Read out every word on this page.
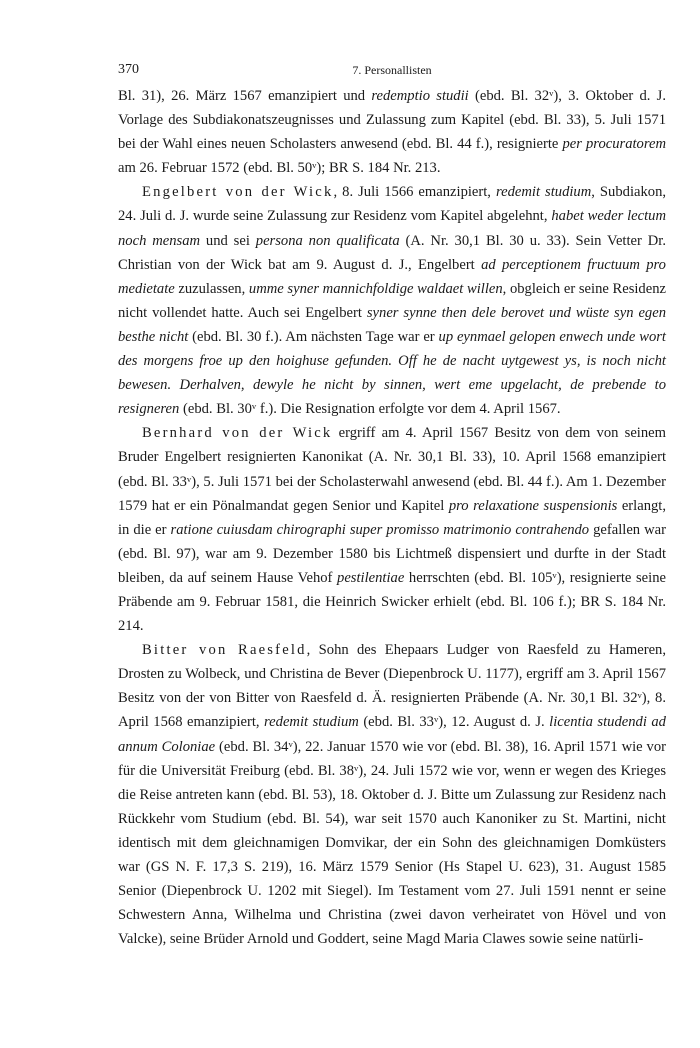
370	7. Personallisten

Bl. 31), 26. März 1567 emanzipiert und redemptio studii (ebd. Bl. 32ᵛ), 3. Oktober d. J. Vorlage des Subdiakonatszeugnisses und Zulassung zum Kapitel (ebd. Bl. 33), 5. Juli 1571 bei der Wahl eines neuen Scholasters anwesend (ebd. Bl. 44 f.), resignierte per procuratorem am 26. Februar 1572 (ebd. Bl. 50ᵛ); BR S. 184 Nr. 213.

Engelbert von der Wick, 8. Juli 1566 emanzipiert, redemit studium, Subdiakon, 24. Juli d. J. wurde seine Zulassung zur Residenz vom Kapitel abgelehnt, habet weder lectum noch mensam und sei persona non qualificata (A. Nr. 30,1 Bl. 30 u. 33). Sein Vetter Dr. Christian von der Wick bat am 9. August d. J., Engelbert ad perceptionem fructuum pro medietate zuzulassen, umme syner mannichfoldige waldaet willen, obgleich er seine Residenz nicht vollendet hatte. Auch sei Engelbert syner synne then dele berovet und wüste syn egen besthe nicht (ebd. Bl. 30 f.). Am nächsten Tage war er up eynmael gelopen enwech unde wort des morgens froe up den hoighuse gefunden. Off he de nacht uytgewest ys, is noch nicht bewesen. Derhalven, dewyle he nicht by sinnen, wert eme upgelacht, de prebende to resigneren (ebd. Bl. 30ᵛ f.). Die Resignation erfolgte vor dem 4. April 1567.

Bernhard von der Wick ergriff am 4. April 1567 Besitz von dem von seinem Bruder Engelbert resignierten Kanonikat (A. Nr. 30,1 Bl. 33), 10. April 1568 emanzipiert (ebd. Bl. 33ᵛ), 5. Juli 1571 bei der Scholasterwahl anwesend (ebd. Bl. 44 f.). Am 1. Dezember 1579 hat er ein Pönalmandat gegen Senior und Kapitel pro relaxatione suspensionis erlangt, in die er ratione cuiusdam chirographi super promisso matrimonio contrahendo gefallen war (ebd. Bl. 97), war am 9. Dezember 1580 bis Lichtmeß dispensiert und durfte in der Stadt bleiben, da auf seinem Hause Vehof pestilentiae herrschten (ebd. Bl. 105ᵛ), resignierte seine Präbende am 9. Februar 1581, die Heinrich Swicker erhielt (ebd. Bl. 106 f.); BR S. 184 Nr. 214.

Bitter von Raesfeld, Sohn des Ehepaars Ludger von Raesfeld zu Hameren, Drosten zu Wolbeck, und Christina de Bever (Diepenbrock U. 1177), ergriff am 3. April 1567 Besitz von der von Bitter von Raesfeld d. Ä. resignierten Präbende (A. Nr. 30,1 Bl. 32ᵛ), 8. April 1568 emanzipiert, redemit studium (ebd. Bl. 33ᵛ), 12. August d. J. licentia studendi ad annum Coloniae (ebd. Bl. 34ᵛ), 22. Januar 1570 wie vor (ebd. Bl. 38), 16. April 1571 wie vor für die Universität Freiburg (ebd. Bl. 38ᵛ), 24. Juli 1572 wie vor, wenn er wegen des Krieges die Reise antreten kann (ebd. Bl. 53), 18. Oktober d. J. Bitte um Zulassung zur Residenz nach Rückkehr vom Studium (ebd. Bl. 54), war seit 1570 auch Kanoniker zu St. Martini, nicht identisch mit dem gleichnamigen Domvikar, der ein Sohn des gleichnamigen Domküsters war (GS N. F. 17,3 S. 219), 16. März 1579 Senior (Hs Stapel U. 623), 31. August 1585 Senior (Diepenbrock U. 1202 mit Siegel). Im Testament vom 27. Juli 1591 nennt er seine Schwestern Anna, Wilhelma und Christina (zwei davon verheiratet von Hövel und von Valcke), seine Brüder Arnold und Goddert, seine Magd Maria Clawes sowie seine natürli-
